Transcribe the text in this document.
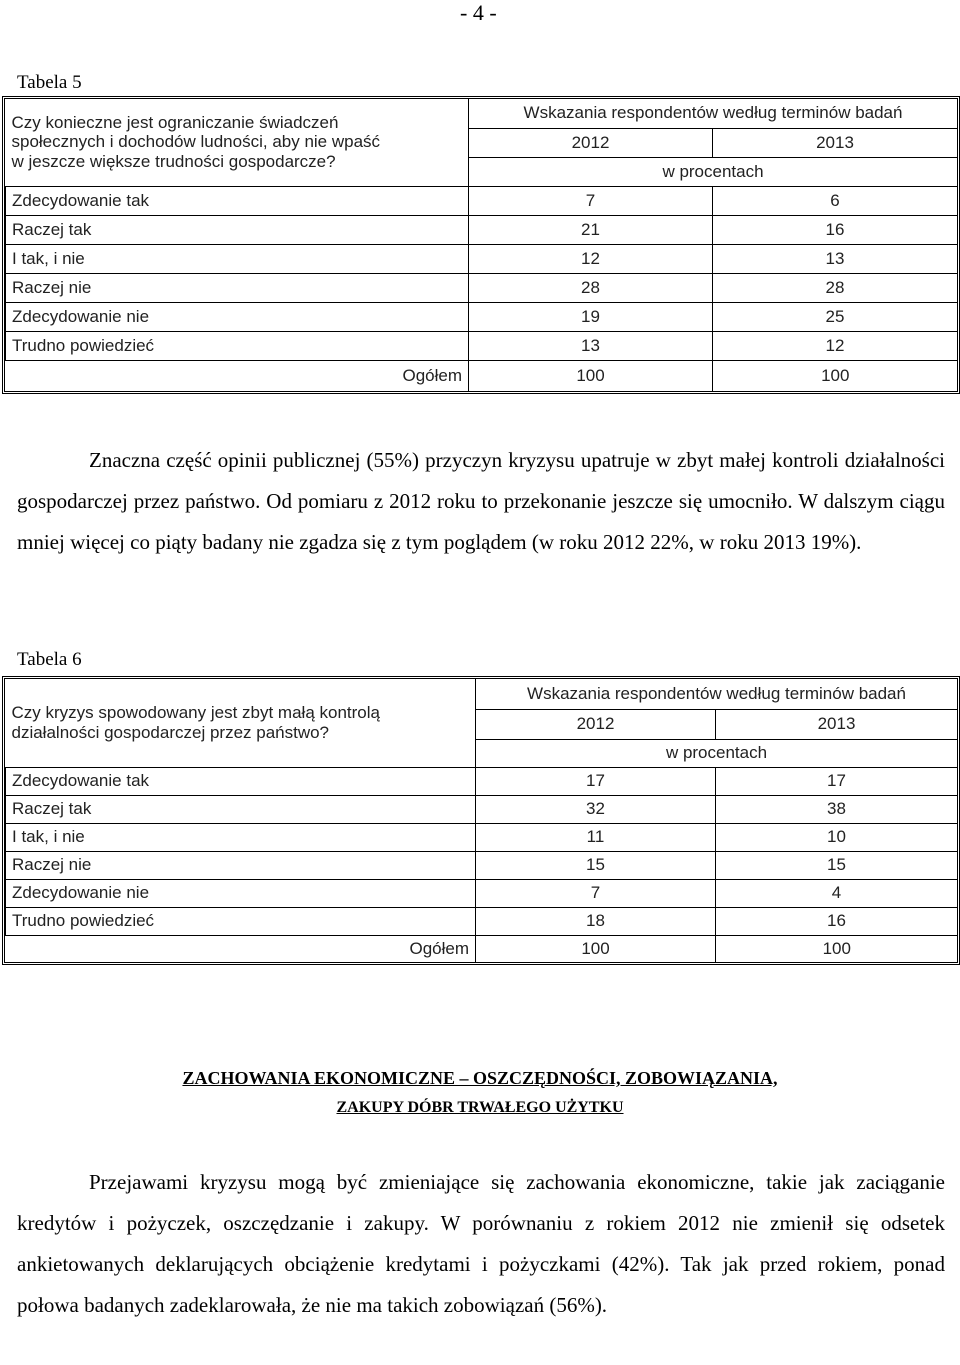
- 4 -
Tabela 5
Czy konieczne jest ograniczanie świadczeń
społecznych i dochodów ludności, aby nie wpaść
w jeszcze większe trudności gospodarcze?	Wskazania respondentów według terminów badań	
	2012	2013
	w procentach	
Zdecydowanie tak	7	6
Raczej tak	21	16
I tak, i nie	12	13
Raczej nie	28	28
Zdecydowanie nie	19	25
Trudno powiedzieć	13	12
Ogółem	100	100
Znaczna część opinii publicznej (55%) przyczyn kryzysu upatruje w zbyt małej kontroli działalności gospodarczej przez państwo. Od pomiaru z 2012 roku to przekonanie jeszcze się umocniło. W dalszym ciągu mniej więcej co piąty badany nie zgadza się z tym poglądem (w roku 2012 22%, w roku 2013 19%).
Tabela 6
Czy kryzys spowodowany jest zbyt małą kontrolą
działalności gospodarczej przez państwo?	Wskazania respondentów według terminów badań	
	2012	2013
	w procentach	
Zdecydowanie tak	17	17
Raczej tak	32	38
I tak, i nie	11	10
Raczej nie	15	15
Zdecydowanie nie	7	4
Trudno powiedzieć	18	16
Ogółem	100	100
ZACHOWANIA EKONOMICZNE – OSZCZĘDNOŚCI, ZOBOWIĄZANIA,
ZAKUPY DÓBR TRWAŁEGO UŻYTKU
Przejawami kryzysu mogą być zmieniające się zachowania ekonomiczne, takie jak zaciąganie kredytów i pożyczek, oszczędzanie i zakupy. W porównaniu z rokiem 2012 nie zmienił się odsetek ankietowanych deklarujących obciążenie kredytami i pożyczkami (42%). Tak jak przed rokiem, ponad połowa badanych zadeklarowała, że nie ma takich zobowiązań (56%).
